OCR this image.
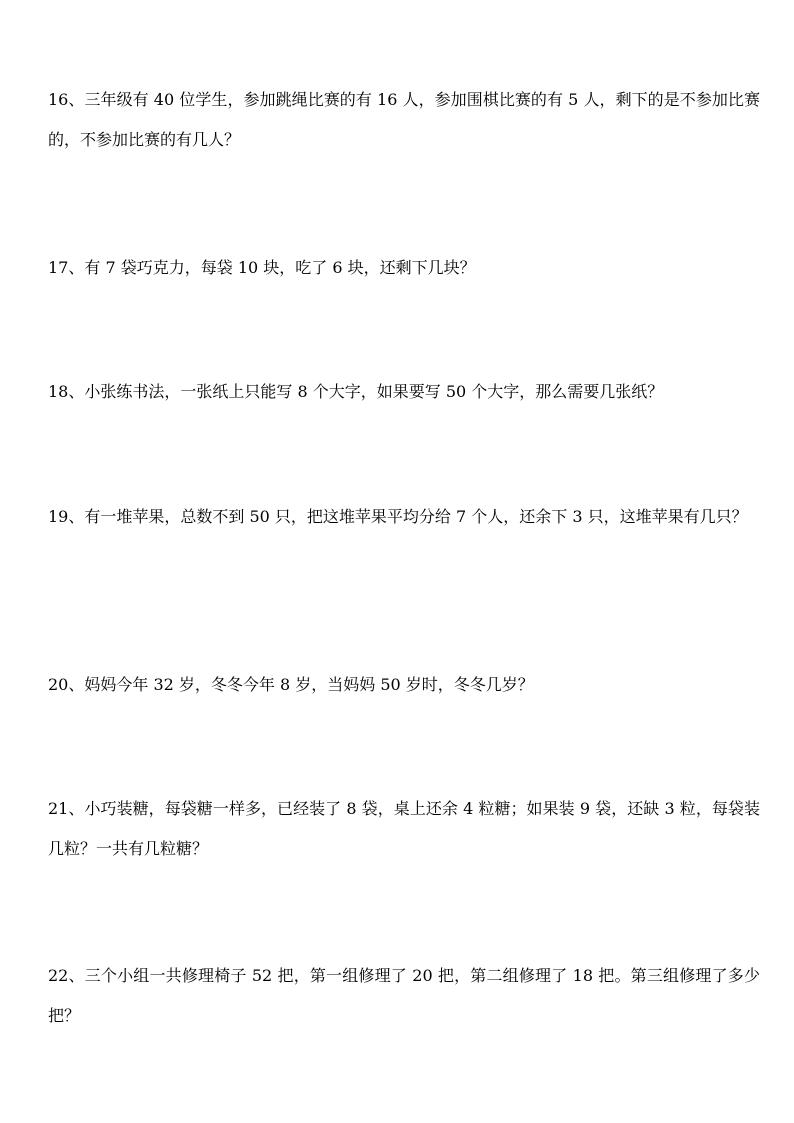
16、三年级有 40 位学生，参加跳绳比赛的有 16 人，参加围棋比赛的有 5 人，剩下的是不参加比赛的，不参加比赛的有几人？
17、有 7 袋巧克力，每袋 10 块，吃了 6 块，还剩下几块？
18、小张练书法，一张纸上只能写 8 个大字，如果要写 50 个大字，那么需要几张纸？
19、有一堆苹果，总数不到 50 只，把这堆苹果平均分给 7 个人，还余下 3 只，这堆苹果有几只？
20、妈妈今年 32 岁，冬冬今年 8 岁，当妈妈 50 岁时，冬冬几岁？
21、小巧装糖，每袋糖一样多，已经装了 8 袋，桌上还余 4 粒糖；如果装 9 袋，还缺 3 粒，每袋装几粒？一共有几粒糖？
22、三个小组一共修理椅子 52 把，第一组修理了 20 把，第二组修理了 18 把。第三组修理了多少把？
